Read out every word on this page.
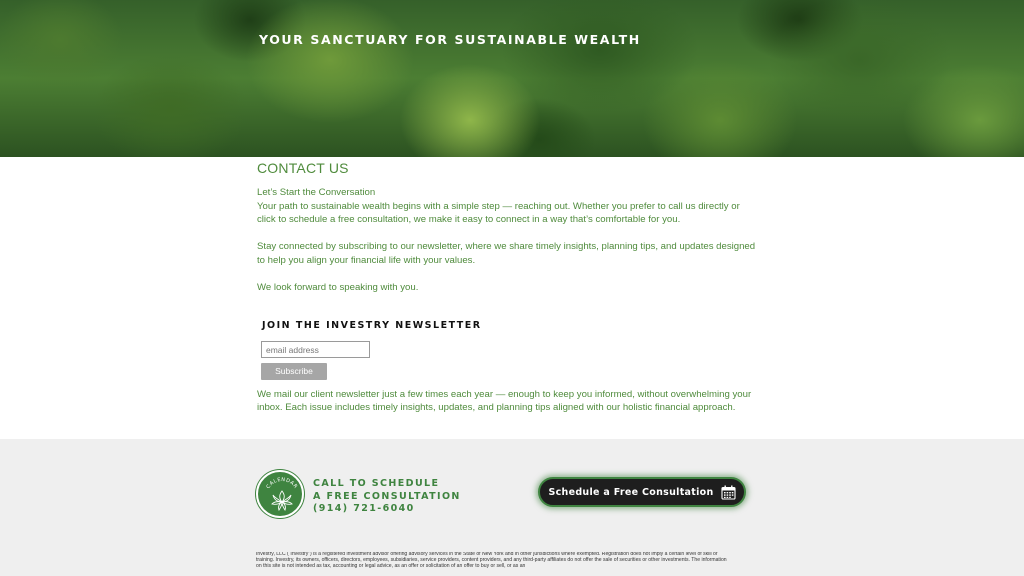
YOUR SANCTUARY FOR SUSTAINABLE WEALTH
CONTACT US
Let’s Start the Conversation

Your path to sustainable wealth begins with a simple step — reaching out. Whether you prefer to call us directly or click to schedule a free consultation, we make it easy to connect in a way that’s comfortable for you.

Stay connected by subscribing to our newsletter, where we share timely insights, planning tips, and updates designed to help you align your financial life with your values.

We look forward to speaking with you.

JOIN THE INVESTRY NEWSLETTER
email address
Subscribe

We mail our client newsletter just a few times each year — enough to keep you informed, without overwhelming your inbox. Each issue includes timely insights, updates, and planning tips aligned with our holistic financial approach.

CALENDAR CALL TO SCHEDULE
A FREE CONSULTATION
(914) 721-6040
Schedule a Free Consultation

Investry, LLC (“Investry”) is a registered investment advisor offering advisory services in the State of New York and in other jurisdictions where exempted. Registration does not imply a certain level of skill or training. Investry, its owners, officers, directors, employees, subsidiaries, service providers, content providers, and any third-party affiliates do not offer the sale of securities or other investments. The information on this site is not intended as tax, accounting or legal advice, as an offer or solicitation of an offer to buy or sell, or as an
